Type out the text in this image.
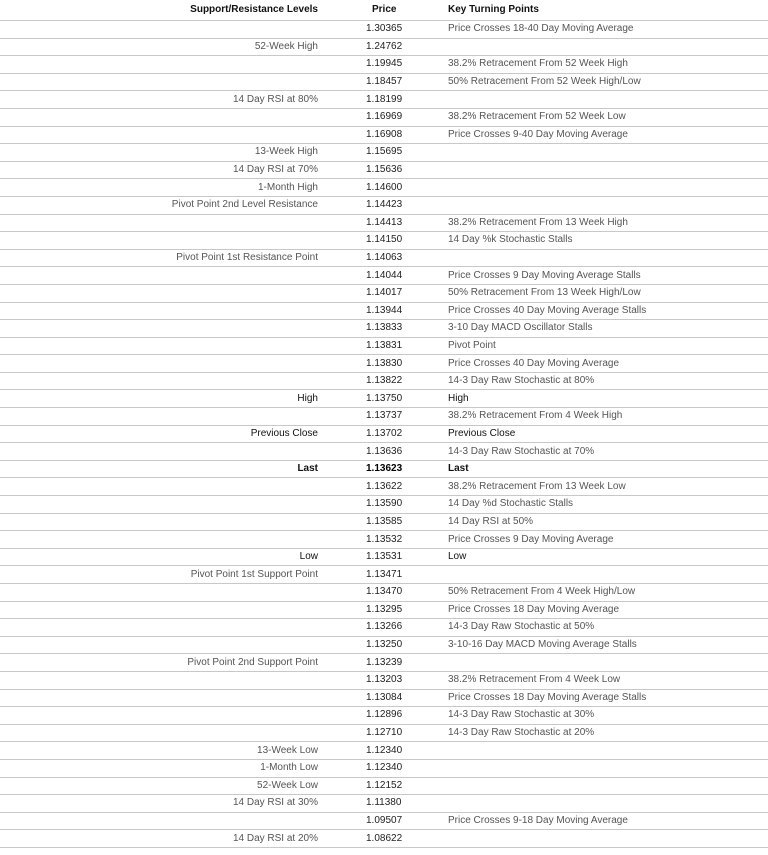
Support/Resistance Levels	Price	Key Turning Points
	1.30365	Price Crosses 18-40 Day Moving Average
52-Week High	1.24762	
	1.19945	38.2% Retracement From 52 Week High
	1.18457	50% Retracement From 52 Week High/Low
14 Day RSI at 80%	1.18199	
	1.16969	38.2% Retracement From 52 Week Low
	1.16908	Price Crosses 9-40 Day Moving Average
13-Week High	1.15695	
14 Day RSI at 70%	1.15636	
1-Month High	1.14600	
Pivot Point 2nd Level Resistance	1.14423	
	1.14413	38.2% Retracement From 13 Week High
	1.14150	14 Day %k Stochastic Stalls
Pivot Point 1st Resistance Point	1.14063	
	1.14044	Price Crosses 9 Day Moving Average Stalls
	1.14017	50% Retracement From 13 Week High/Low
	1.13944	Price Crosses 40 Day Moving Average Stalls
	1.13833	3-10 Day MACD Oscillator Stalls
	1.13831	Pivot Point
	1.13830	Price Crosses 40 Day Moving Average
	1.13822	14-3 Day Raw Stochastic at 80%
High	1.13750	High
	1.13737	38.2% Retracement From 4 Week High
Previous Close	1.13702	Previous Close
	1.13636	14-3 Day Raw Stochastic at 70%
Last	1.13623	Last
	1.13622	38.2% Retracement From 13 Week Low
	1.13590	14 Day %d Stochastic Stalls
	1.13585	14 Day RSI at 50%
	1.13532	Price Crosses 9 Day Moving Average
Low	1.13531	Low
Pivot Point 1st Support Point	1.13471	
	1.13470	50% Retracement From 4 Week High/Low
	1.13295	Price Crosses 18 Day Moving Average
	1.13266	14-3 Day Raw Stochastic at 50%
	1.13250	3-10-16 Day MACD Moving Average Stalls
Pivot Point 2nd Support Point	1.13239	
	1.13203	38.2% Retracement From 4 Week Low
	1.13084	Price Crosses 18 Day Moving Average Stalls
	1.12896	14-3 Day Raw Stochastic at 30%
	1.12710	14-3 Day Raw Stochastic at 20%
13-Week Low	1.12340	
1-Month Low	1.12340	
52-Week Low	1.12152	
14 Day RSI at 30%	1.11380	
	1.09507	Price Crosses 9-18 Day Moving Average
14 Day RSI at 20%	1.08622	
